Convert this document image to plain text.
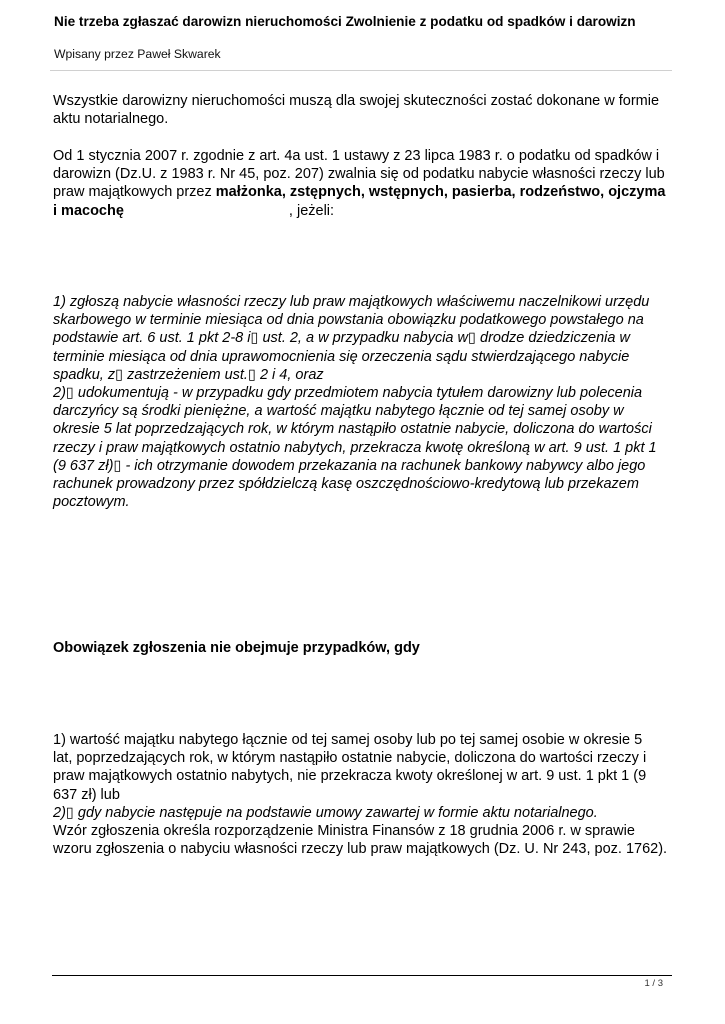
Nie trzeba zgłaszać darowizn nieruchomości Zwolnienie z podatku od spadków i darowizn
Wpisany przez Paweł Skwarek
Wszystkie darowizny nieruchomości muszą dla swojej skuteczności zostać dokonane w formie
aktu notarialnego.
Od 1 stycznia 2007 r. zgodnie z art. 4a ust. 1 ustawy z 23 lipca 1983 r. o podatku od spadków i
darowizn (Dz.U. z 1983 r. Nr 45, poz. 207) zwalnia się od podatku nabycie własności rzeczy lub
praw majątkowych przez małżonka, zstępnych, wstępnych, pasierba, rodzeństwo, ojczyma
i macochę	, jeżeli:
1) zgłoszą nabycie własności rzeczy lub praw majątkowych właściwemu naczelnikowi urzędu
skarbowego w terminie miesiąca od dnia powstania obowiązku podatkowego powstałego na
podstawie art. 6 ust. 1 pkt 2-8 i▯ ust. 2, a w przypadku nabycia w▯ drodze dziedziczenia w
terminie miesiąca od dnia uprawomocnienia się orzeczenia sądu stwierdzającego nabycie
spadku, z▯ zastrzeżeniem ust.▯ 2 i 4, oraz
2)▯ udokumentują - w przypadku gdy przedmiotem nabycia tytułem darowizny lub polecenia
darczyńcy są środki pieniężne, a wartość majątku nabytego łącznie od tej samej osoby w
okresie 5 lat poprzedzających rok, w którym nastąpiło ostatnie nabycie, doliczona do wartości
rzeczy i praw majątkowych ostatnio nabytych, przekracza kwotę określoną w art. 9 ust. 1 pkt 1
(9 637 zł)▯ - ich otrzymanie dowodem przekazania na rachunek bankowy nabywcy albo jego
rachunek prowadzony przez spółdzielczą kasę oszczędnościowo-kredytową lub przekazem
pocztowym.
Obowiązek zgłoszenia nie obejmuje przypadków, gdy
1) wartość majątku nabytego łącznie od tej samej osoby lub po tej samej osobie w okresie 5
lat, poprzedzających rok, w którym nastąpiło ostatnie nabycie, doliczona do wartości rzeczy i
praw majątkowych ostatnio nabytych, nie przekracza kwoty określonej w art. 9 ust. 1 pkt 1 (9
637 zł) lub
2)▯ gdy nabycie następuje na podstawie umowy zawartej w formie aktu notarialnego.
Wzór zgłoszenia określa rozporządzenie Ministra Finansów z 18 grudnia 2006 r. w sprawie
wzoru zgłoszenia o nabyciu własności rzeczy lub praw majątkowych (Dz. U. Nr 243, poz. 1762).
1 / 3
